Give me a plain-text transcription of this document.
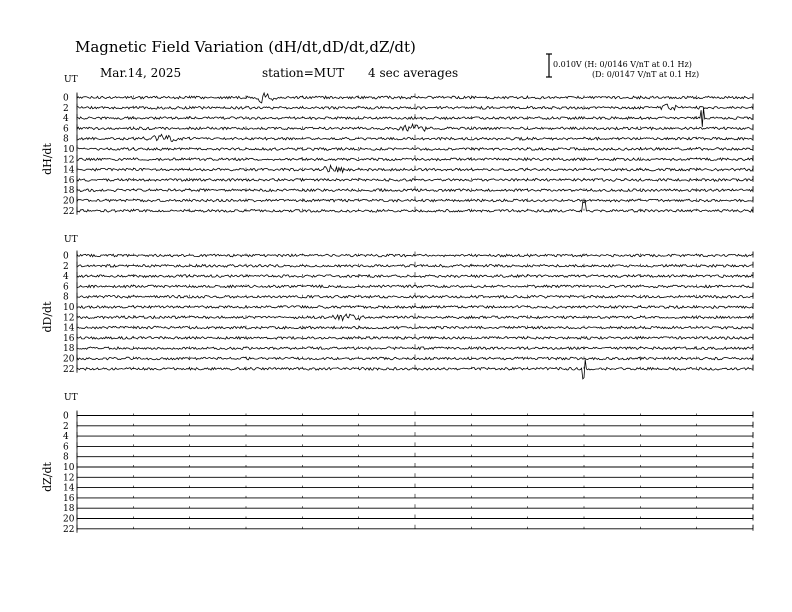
Magnetic Field Variation (dH/dt,dD/dt,dZ/dt)
Mar.14, 2025	station=MUT 4 sec averages
0.010V (H: 0/0146 V/nT at 0.1 Hz)
(D: 0/0147 V/nT at 0.1 Hz)
UT
dH/dt
0
2
4
6
8
10
12
14
16
18
20
22
UT
dD/dt
0
2
4
6
8
10
12
14
16
18
20
22
UT
dZ/dt
0
2
4
6
8
10
12
14
16
18
20
22
